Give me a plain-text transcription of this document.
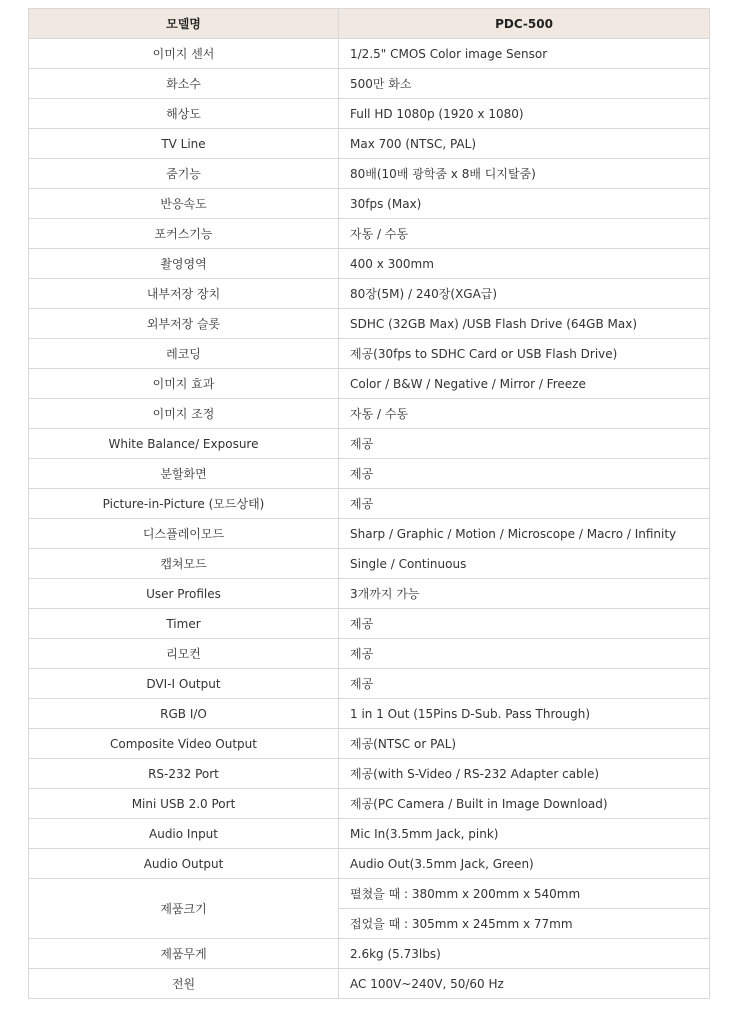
모델명	PDC-500
이미지 센서	1/2.5" CMOS Color image Sensor
화소수	500만 화소
해상도	Full HD 1080p (1920 x 1080)
TV Line	Max 700 (NTSC, PAL)
줌기능	80배(10배 광학줌 x 8배 디지탈줌)
반응속도	30fps (Max)
포커스기능	자동 / 수동
촬영영역	400 x 300mm
내부저장 장치	80장(5M) / 240장(XGA급)
외부저장 슬롯	SDHC (32GB Max) /USB Flash Drive (64GB Max)
레코딩	제공(30fps to SDHC Card or USB Flash Drive)
이미지 효과	Color / B&W / Negative / Mirror / Freeze
이미지 조정	자동 / 수동
White Balance/ Exposure	제공
분할화면	제공
Picture-in-Picture (모드상태)	제공
디스플레이모드	Sharp / Graphic / Motion / Microscope / Macro / Infinity
캡쳐모드	Single / Continuous
User Profiles	3개까지 가능
Timer	제공
리모컨	제공
DVI-I Output	제공
RGB I/O	1 in 1 Out (15Pins D-Sub. Pass Through)
Composite Video Output	제공(NTSC or PAL)
RS-232 Port	제공(with S-Video / RS-232 Adapter cable)
Mini USB 2.0 Port	제공(PC Camera / Built in Image Download)
Audio Input	Mic In(3.5mm Jack, pink)
Audio Output	Audio Out(3.5mm Jack, Green)
제품크기	펼쳤을 때 : 380mm x 200mm x 540mm
	접었을 때 : 305mm x 245mm x 77mm
제품무게	2.6kg (5.73lbs)
전원	AC 100V~240V, 50/60 Hz
